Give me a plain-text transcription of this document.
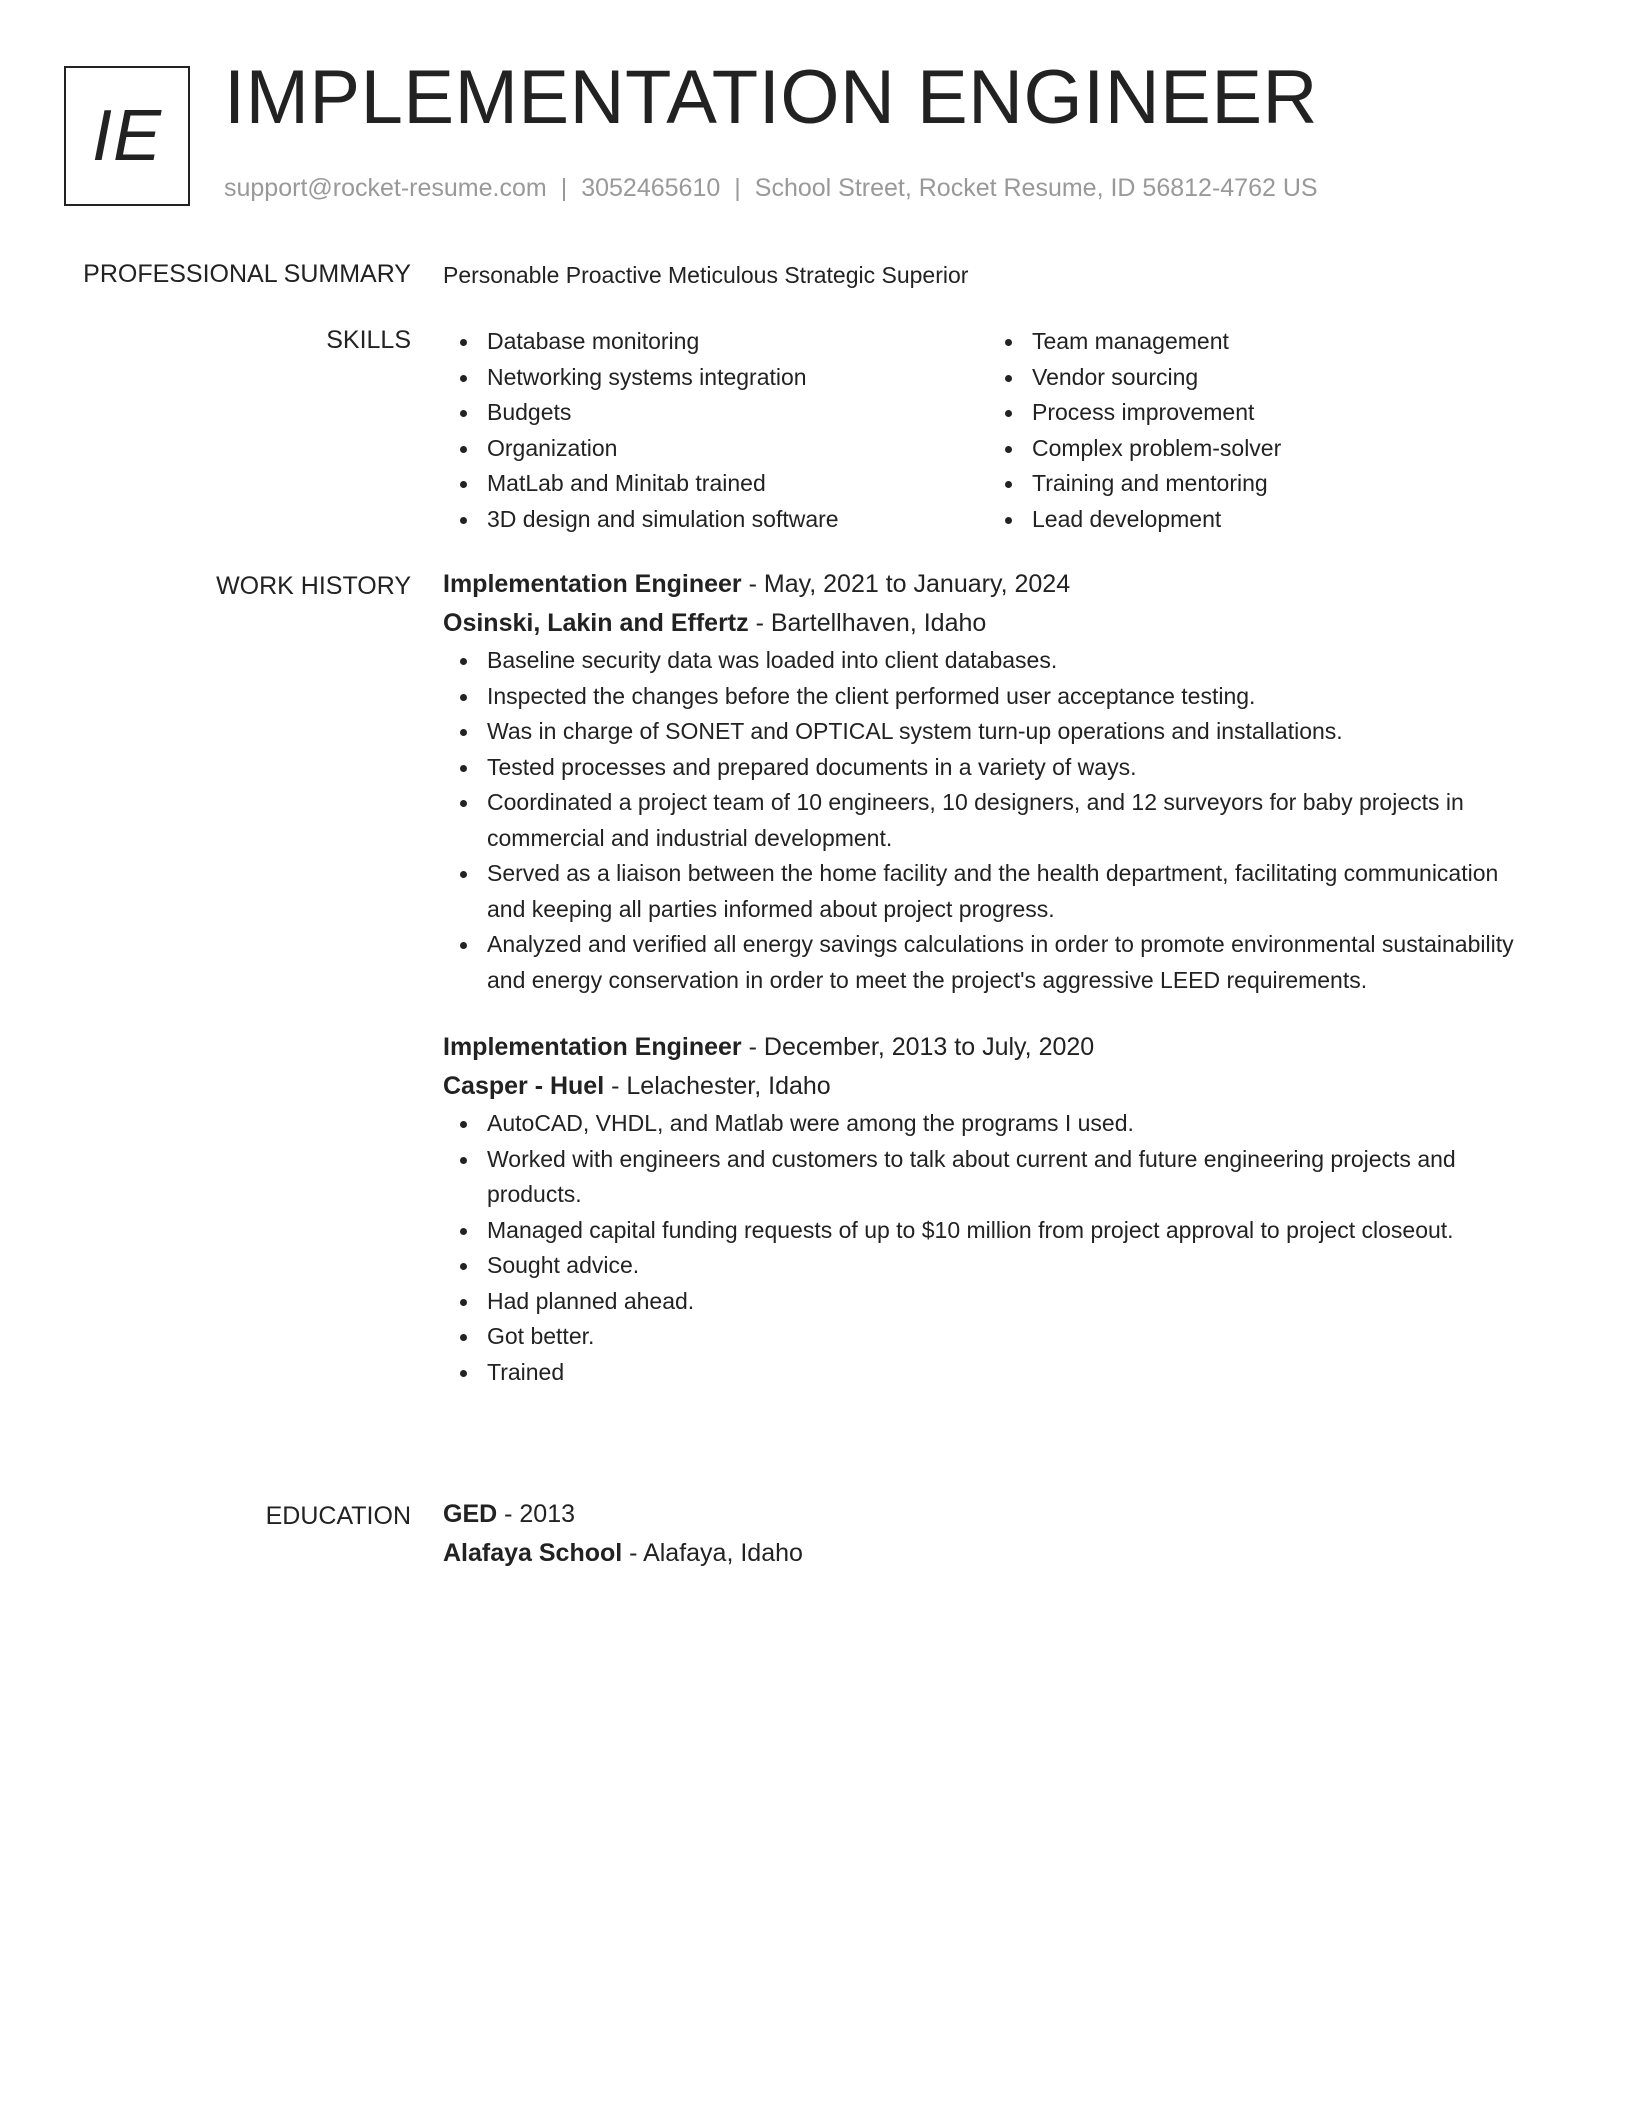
IE IMPLEMENTATION ENGINEER
support@rocket-resume.com | 3052465610 | School Street, Rocket Resume, ID 56812-4762 US
PROFESSIONAL SUMMARY Personable Proactive Meticulous Strategic Superior
SKILLS	Database monitoring
Networking systems integration
Budgets
Organization
MatLab and Minitab trained
3D design and simulation software
Team management
Vendor sourcing
Process improvement
Complex problem-solver
Training and mentoring
Lead development
WORK HISTORY Implementation Engineer - May, 2021 to January, 2024
Osinski, Lakin and Effertz - Bartellhaven, Idaho
Baseline security data was loaded into client databases.
Inspected the changes before the client performed user acceptance testing.
Was in charge of SONET and OPTICAL system turn-up operations and installations.
Tested processes and prepared documents in a variety of ways.
Coordinated a project team of 10 engineers, 10 designers, and 12 surveyors for baby projects in commercial and industrial development.
Served as a liaison between the home facility and the health department, facilitating communication and keeping all parties informed about project progress.
Analyzed and verified all energy savings calculations in order to promote environmental sustainability and energy conservation in order to meet the project's aggressive LEED requirements.
Implementation Engineer - December, 2013 to July, 2020
Casper - Huel - Lelachester, Idaho
AutoCAD, VHDL, and Matlab were among the programs I used.
Worked with engineers and customers to talk about current and future engineering projects and products.
Managed capital funding requests of up to $10 million from project approval to project closeout.
Sought advice.
Had planned ahead.
Got better.
Trained
EDUCATION GED - 2013
Alafaya School - Alafaya, Idaho
